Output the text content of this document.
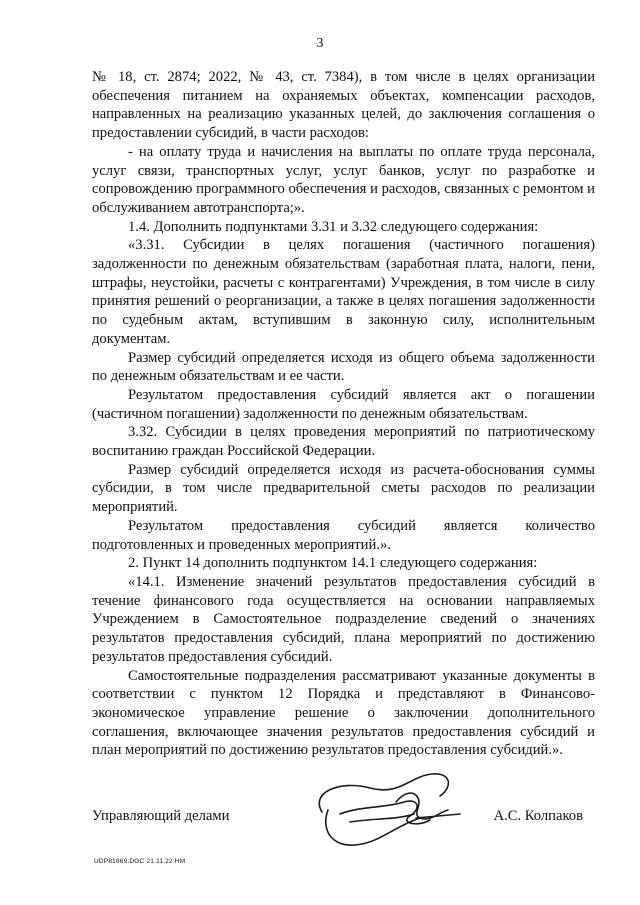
3

№ 18, ст. 2874; 2022, № 43, ст. 7384), в том числе в целях организации обеспечения питанием на охраняемых объектах, компенсации расходов, направленных на реализацию указанных целей, до заключения соглашения о предоставлении субсидий, в части расходов:

- на оплату труда и начисления на выплаты по оплате труда персонала, услуг связи, транспортных услуг, услуг банков, услуг по разработке и сопровождению программного обеспечения и расходов, связанных с ремонтом и обслуживанием автотранспорта;».

1.4. Дополнить подпунктами 3.31 и 3.32 следующего содержания:

«3.31. Субсидии в целях погашения (частичного погашения) задолженности по денежным обязательствам (заработная плата, налоги, пени, штрафы, неустойки, расчеты с контрагентами) Учреждения, в том числе в силу принятия решений о реорганизации, а также в целях погашения задолженности по судебным актам, вступившим в законную силу, исполнительным документам.

Размер субсидий определяется исходя из общего объема задолженности по денежным обязательствам и ее части.

Результатом предоставления субсидий является акт о погашении (частичном погашении) задолженности по денежным обязательствам.

3.32. Субсидии в целях проведения мероприятий по патриотическому воспитанию граждан Российской Федерации.

Размер субсидий определяется исходя из расчета-обоснования суммы субсидии, в том числе предварительной сметы расходов по реализации мероприятий.

Результатом предоставления субсидий является количество подготовленных и проведенных мероприятий.».

2. Пункт 14 дополнить подпунктом 14.1 следующего содержания:

«14.1. Изменение значений результатов предоставления субсидий в течение финансового года осуществляется на основании направляемых Учреждением в Самостоятельное подразделение сведений о значениях результатов предоставления субсидий, плана мероприятий по достижению результатов предоставления субсидий.

Самостоятельные подразделения рассматривают указанные документы в соответствии с пунктом 12 Порядка и представляют в Финансово-экономическое управление решение о заключении дополнительного соглашения, включающее значения результатов предоставления субсидий и план мероприятий по достижению результатов предоставления субсидий.».

Управляющий делами	А.С. Колпаков
UDP81869.DOC 21.11.22 HM
